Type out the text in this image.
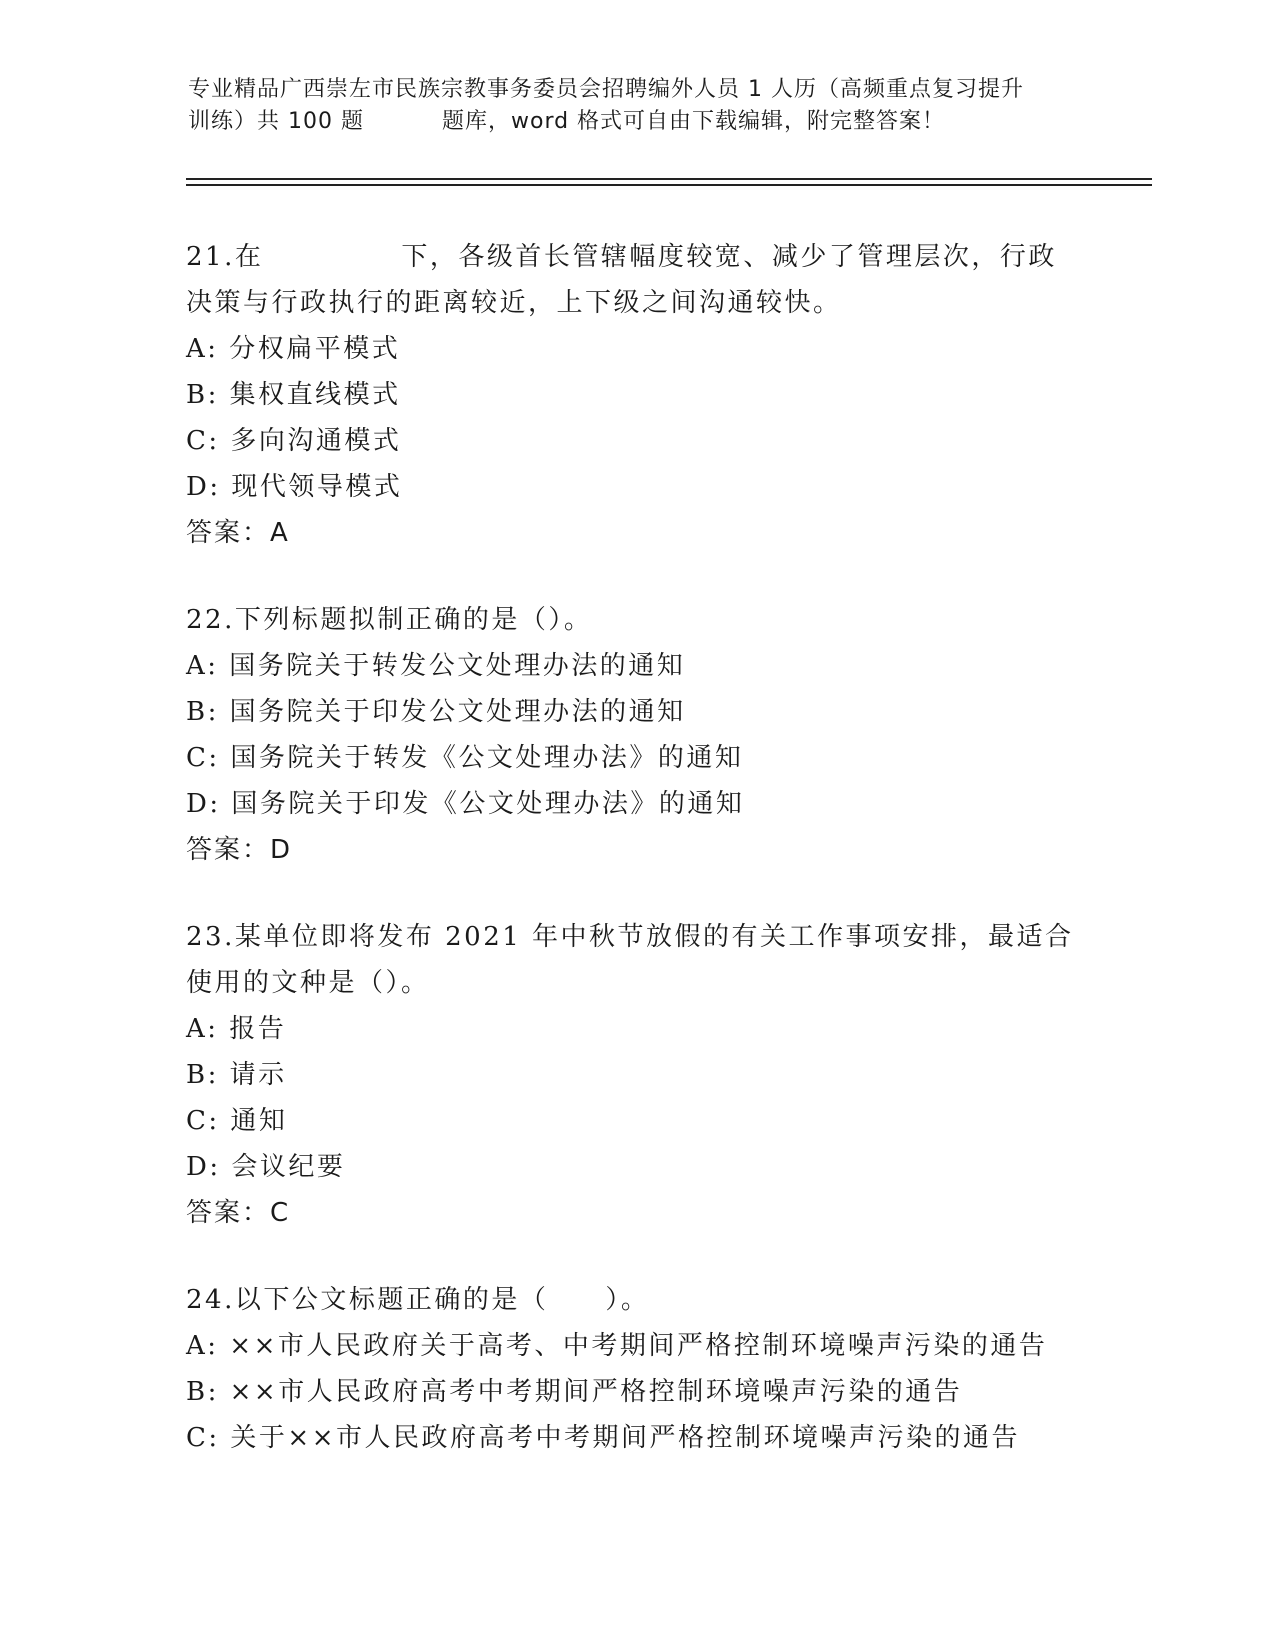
专业精品广西崇左市民族宗教事务委员会招聘编外人员 1 人历（高频重点复习提升
训练）共 100 题	题库，word 格式可自由下载编辑，附完整答案！
21.在	下，各级首长管辖幅度较宽、减少了管理层次，行政
决策与行政执行的距离较近，上下级之间沟通较快。
A: 分权扁平模式
B: 集权直线模式
C: 多向沟通模式
D: 现代领导模式
答案：A
22.下列标题拟制正确的是（）。
A: 国务院关于转发公文处理办法的通知
B: 国务院关于印发公文处理办法的通知
C: 国务院关于转发《公文处理办法》的通知
D: 国务院关于印发《公文处理办法》的通知
答案：D
23.某单位即将发布 2021 年中秋节放假的有关工作事项安排，最适合
使用的文种是（）。
A: 报告
B: 请示
C: 通知
D: 会议纪要
答案：C
24.以下公文标题正确的是（　　）。
A: ××市人民政府关于高考、中考期间严格控制环境噪声污染的通告
B: ××市人民政府高考中考期间严格控制环境噪声污染的通告
C: 关于××市人民政府高考中考期间严格控制环境噪声污染的通告
